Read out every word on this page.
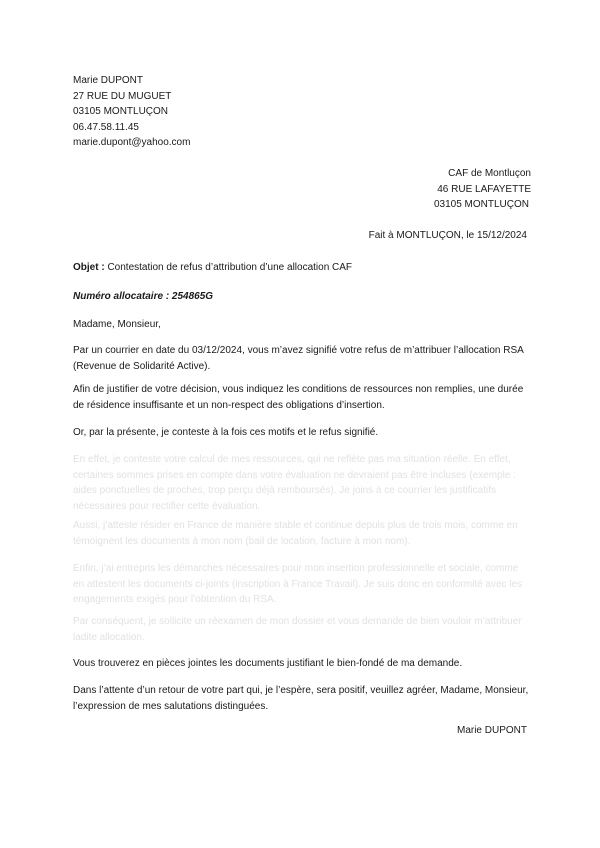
Marie DUPONT
27 RUE DU MUGUET
03105 MONTLUÇON
06.47.58.11.45
marie.dupont@yahoo.com
CAF de Montluçon
46 RUE LAFAYETTE
03105 MONTLUÇON
Fait à MONTLUÇON, le 15/12/2024
Objet : Contestation de refus d’attribution d’une allocation CAF
Numéro allocataire : 254865G
Madame, Monsieur,
Par un courrier en date du 03/12/2024, vous m’avez signifié votre refus de m’attribuer l’allocation RSA (Revenue de Solidarité Active).
Afin de justifier de votre décision, vous indiquez les conditions de ressources non remplies, une durée de résidence insuffisante et un non-respect des obligations d’insertion.
Or, par la présente, je conteste à la fois ces motifs et le refus signifié.
En effet, je conteste votre calcul de mes ressources, qui ne reflète pas ma situation réelle. En effet, certaines sommes prises en compte dans votre évaluation ne devraient pas être incluses (exemple : aides ponctuelles de proches, trop perçu déjà remboursés). Je joins à ce courrier les justificatifs nécessaires pour rectifier cette évaluation.
Aussi, j’atteste résider en France de manière stable et continue depuis plus de trois mois, comme en témoignent les documents à mon nom (bail de location, facture à mon nom).
Enfin, j’ai entrepris les démarches nécessaires pour mon insertion professionnelle et sociale, comme en attestent les documents ci-joints (inscription à France Travail). Je suis donc en conformité avec les engagements exigés pour l’obtention du RSA.
Par conséquent, je sollicite un réexamen de mon dossier et vous demande de bien vouloir m’attribuer ladite allocation.
Vous trouverez en pièces jointes les documents justifiant le bien-fondé de ma demande.
Dans l’attente d’un retour de votre part qui, je l’espère, sera positif, veuillez agréer, Madame, Monsieur, l’expression de mes salutations distinguées.
Marie DUPONT
